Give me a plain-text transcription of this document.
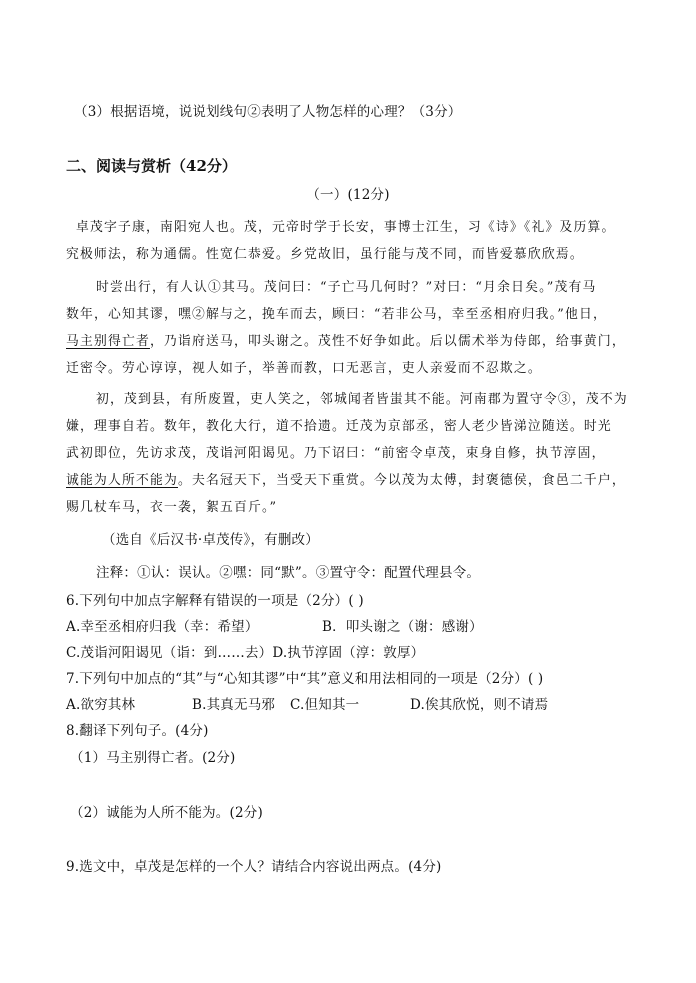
（3）根据语境，说说划线句②表明了人物怎样的心理？（3分）
二、阅读与赏析（42分）
（一）(12分)
卓茂字子康，南阳宛人也。茂，元帝时学于长安，事博士江生，习《诗》《礼》及历算。
究极师法，称为通儒。性宽仁恭爱。乡党故旧，虽行能与茂不同，而皆爱慕欣欣焉。
时尝出行，有人认①其马。茂问曰：“子亡马几何时？”对曰：“月余日矣。”茂有马
数年，心知其谬，嘿②解与之，挽车而去，顾曰：“若非公马，幸至丞相府归我。”他日，
马主别得亡者，乃诣府送马，叩头谢之。茂性不好争如此。后以儒术举为侍郎，给事黄门，
迁密令。劳心谆谆，视人如子，举善而教，口无恶言，吏人亲爱而不忍欺之。
初，茂到县，有所废置，吏人笑之，邻城闻者皆蚩其不能。河南郡为置守令③，茂不为
嫌，理事自若。数年，教化大行，道不拾遗。迁茂为京部丞，密人老少皆涕泣随送。时光
武初即位，先访求茂，茂诣河阳谒见。乃下诏曰：“前密令卓茂，束身自修，执节淳固，
诚能为人所不能为。夫名冠天下，当受天下重赏。今以茂为太傅，封褒德侯，食邑二千户，
赐几杖车马，衣一袭，絮五百斤。”
（选自《后汉书·卓茂传》，有删改）
注释：①认：误认。②嘿：同“默”。③置守令：配置代理县令。
6.下列句中加点字解释有错误的一项是（2分）( )
A.幸至丞相府归我（幸：希望）	B．叩头谢之（谢：感谢）
C.茂诣河阳谒见（诣：到……去）D.执节淳固（淳：敦厚）
7.下列句中加点的“其”与“心知其谬”中“其”意义和用法相同的一项是（2分）( )
A.欲穷其林	B.其真无马邪 C.但知其一	D.俟其欣悦，则不请焉
8.翻译下列句子。(4分)
（1）马主别得亡者。(2分)
（2）诚能为人所不能为。(2分)
9.选文中，卓茂是怎样的一个人？请结合内容说出两点。(4分)
